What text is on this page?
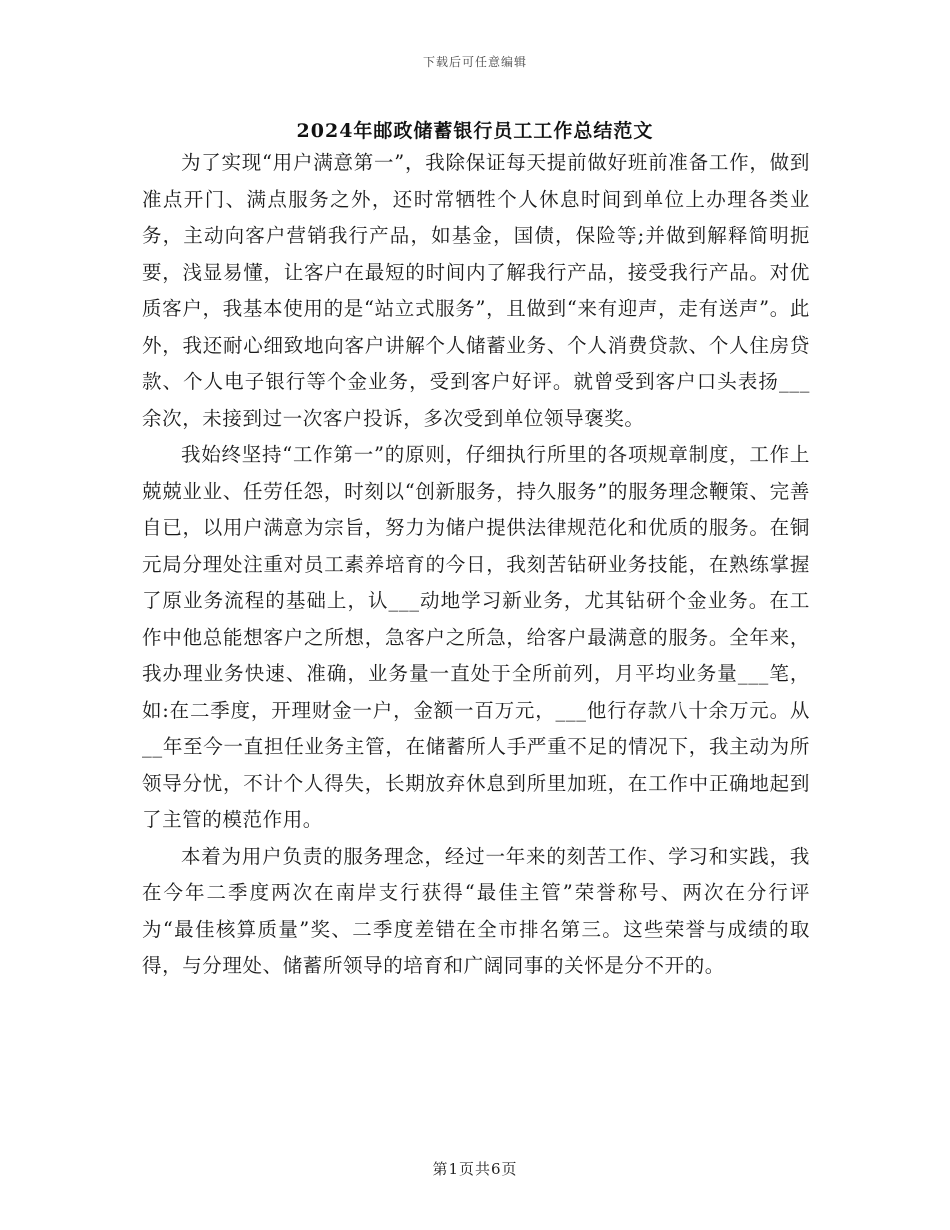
下载后可任意编辑
2024年邮政储蓄银行员工工作总结范文

为了实现“用户满意第一”，我除保证每天提前做好班前准备工作，做到准点开门、满点服务之外，还时常牺牲个人休息时间到单位上办理各类业务，主动向客户营销我行产品，如基金，国债，保险等;并做到解释简明扼要，浅显易懂，让客户在最短的时间内了解我行产品，接受我行产品。对优质客户，我基本使用的是“站立式服务”，且做到“来有迎声，走有送声”。此外，我还耐心细致地向客户讲解个人储蓄业务、个人消费贷款、个人住房贷款、个人电子银行等个金业务，受到客户好评。就曾受到客户口头表扬___余次，未接到过一次客户投诉，多次受到单位领导褒奖。

我始终坚持“工作第一”的原则，仔细执行所里的各项规章制度，工作上兢兢业业、任劳任怨，时刻以“创新服务，持久服务”的服务理念鞭策、完善自已，以用户满意为宗旨，努力为储户提供法律规范化和优质的服务。在铜元局分理处注重对员工素养培育的今日，我刻苦钻研业务技能，在熟练掌握了原业务流程的基础上，认___动地学习新业务，尤其钻研个金业务。在工作中他总能想客户之所想，急客户之所急，给客户最满意的服务。全年来，我办理业务快速、准确，业务量一直处于全所前列，月平均业务量___笔，如:在二季度，开理财金一户，金额一百万元，___他行存款八十余万元。从__年至今一直担任业务主管，在储蓄所人手严重不足的情况下，我主动为所领导分忧，不计个人得失，长期放弃休息到所里加班，在工作中正确地起到了主管的模范作用。

本着为用户负责的服务理念，经过一年来的刻苦工作、学习和实践，我在今年二季度两次在南岸支行获得“最佳主管”荣誉称号、两次在分行评为“最佳核算质量”奖、二季度差错在全市排名第三。这些荣誉与成绩的取得，与分理处、储蓄所领导的培育和广阔同事的关怀是分不开的。

第1页共6页
